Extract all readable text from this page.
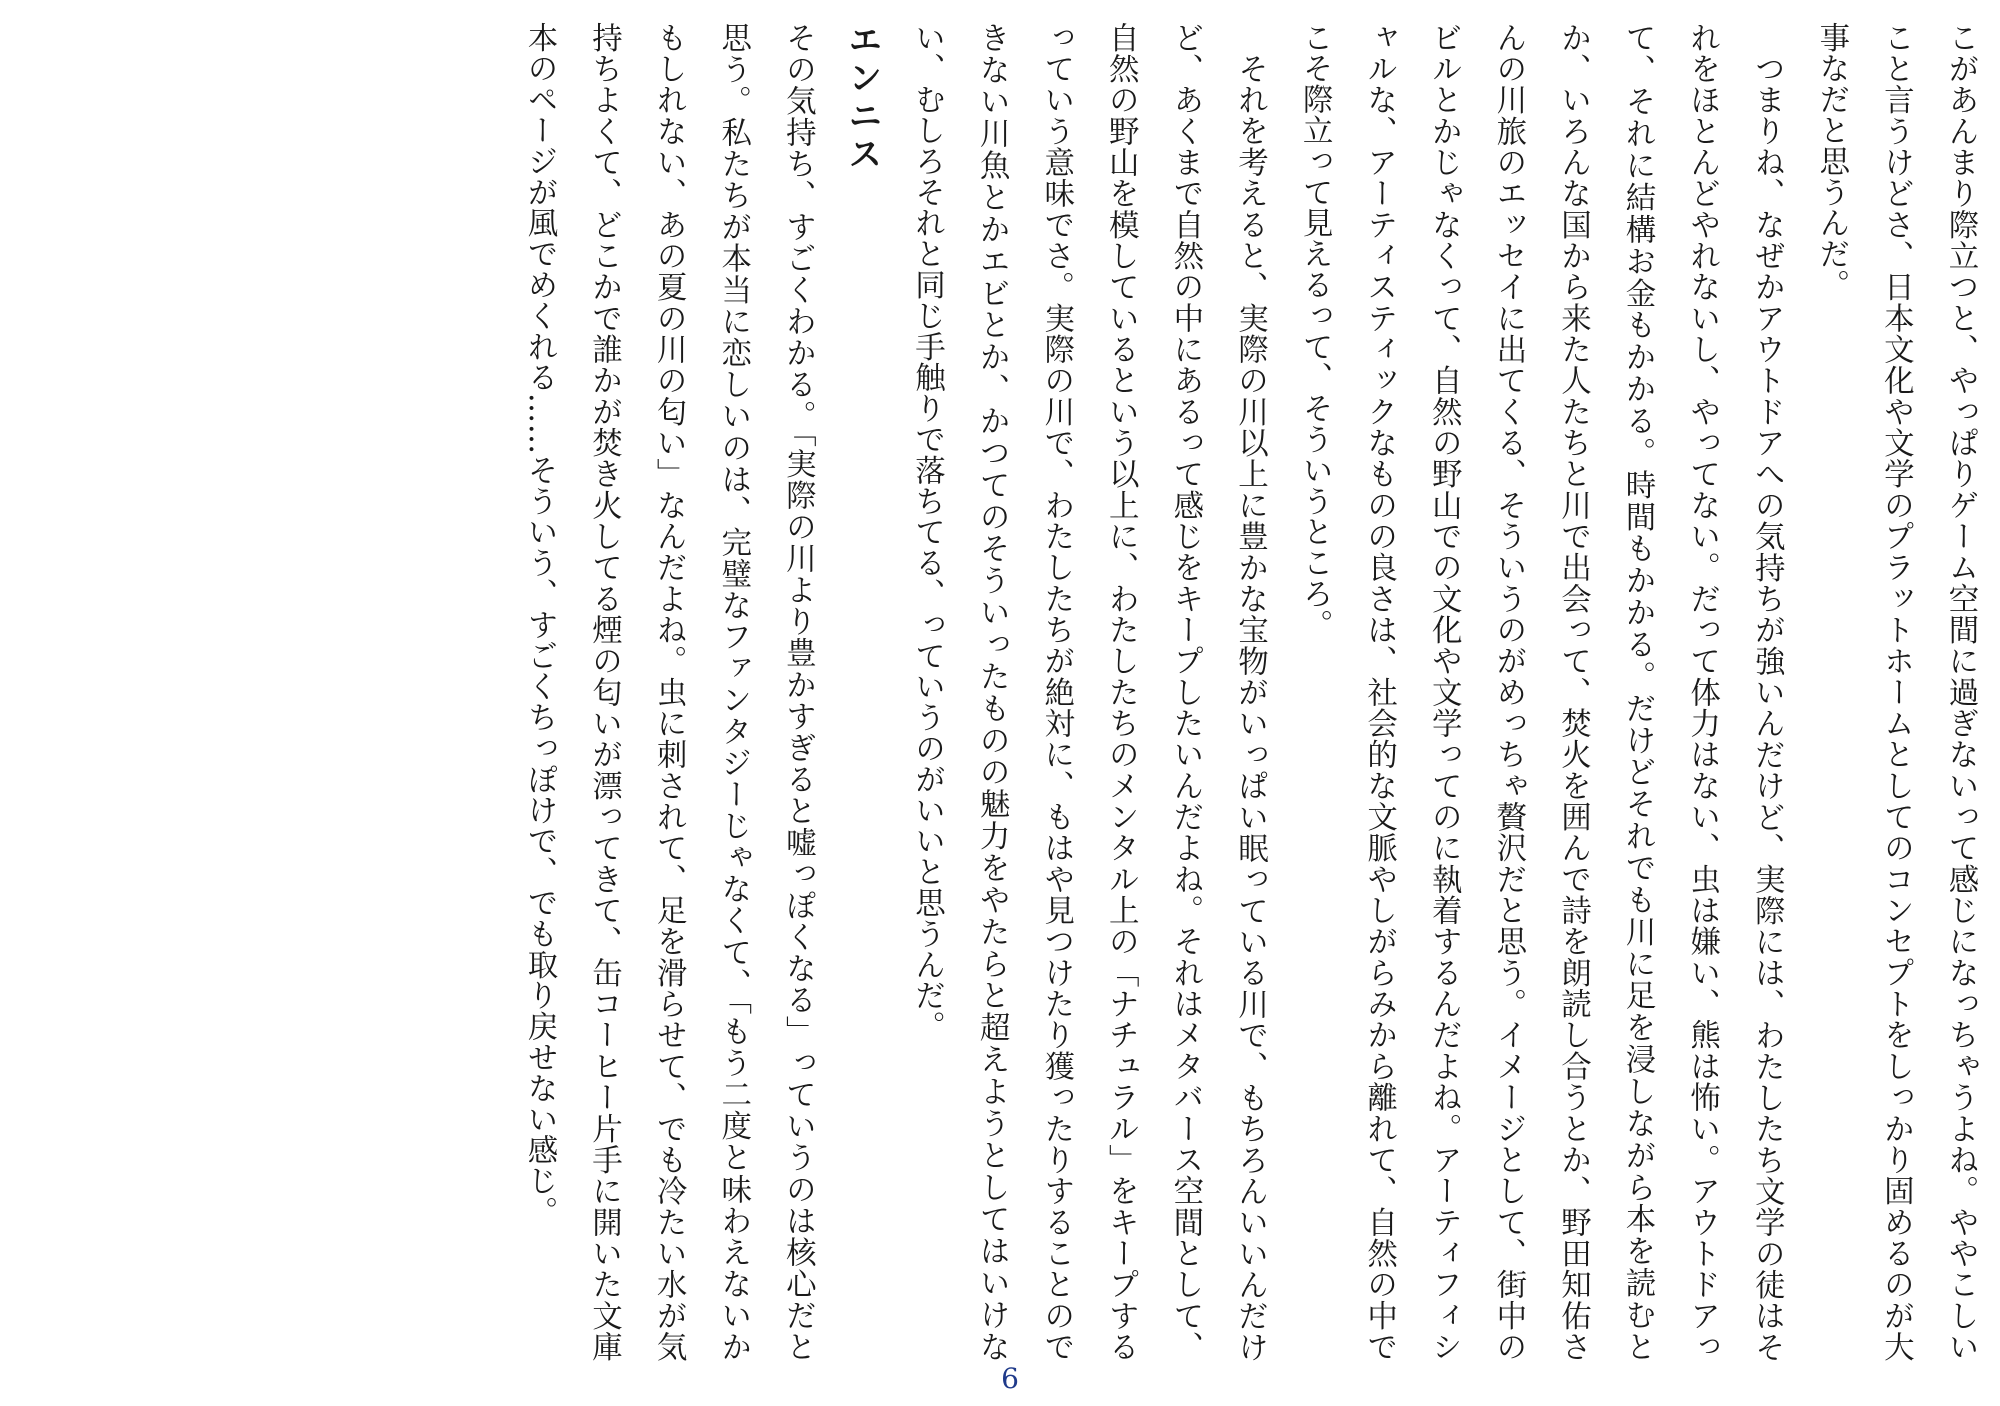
こがあんまり際立つと、やっぱりゲーム空間に過ぎないって感じになっちゃうよね。ややこしいこと言うけどさ、日本文化や文学のプラットホームとしてのコンセプトをしっかり固めるのが大事なだと思うんだ。

つまりね、なぜかアウトドアへの気持ちが強いんだけど、実際には、わたしたち文学の徒はそれをほとんどやれないし、やってない。だって体力はない、虫は嫌い、熊は怖い。アウトドアって、それに結構お金もかかる。時間もかかる。だけどそれでも川に足を浸しながら本を読むとか、いろんな国から来た人たちと川で出会って、焚火を囲んで詩を朗読し合うとか、野田知佑さんの川旅のエッセイに出てくる、そういうのがめっちゃ贅沢だと思う。イメージとして、街中のビルとかじゃなくって、自然の野山での文化や文学ってのに執着するんだよね。アーティフィシャルな、アーティスティックなものの良さは、社会的な文脈やしがらみから離れて、自然の中でこそ際立って見えるって、そういうところ。

それを考えると、実際の川以上に豊かな宝物がいっぱい眠っている川で、もちろんいいんだけど、あくまで自然の中にあるって感じをキープしたいんだよね。それはメタバース空間として、自然の野山を模しているという以上に、わたしたちのメンタル上の「ナチュラル」をキープするっていう意味でさ。実際の川で、わたしたちが絶対に、もはや見つけたり獲ったりすることのできない川魚とかエビとか、かつてのそういったものの魅力をやたらと超えようとしてはいけない、むしろそれと同じ手触りで落ちてる、っていうのがいいと思うんだ。

エンニス

その気持ち、すごくわかる。「実際の川より豊かすぎると嘘っぽくなる」っていうのは核心だと思う。私たちが本当に恋しいのは、完璧なファンタジーじゃなくて、「もう二度と味わえないかもしれない、あの夏の川の匂い」なんだよね。虫に刺されて、足を滑らせて、でも冷たい水が気持ちよくて、どこかで誰かが焚き火してる煙の匂いが漂ってきて、缶コーヒー片手に開いた文庫本のページが風でめくれる……そういう、すごくちっぽけで、でも取り戻せない感じ。

6
